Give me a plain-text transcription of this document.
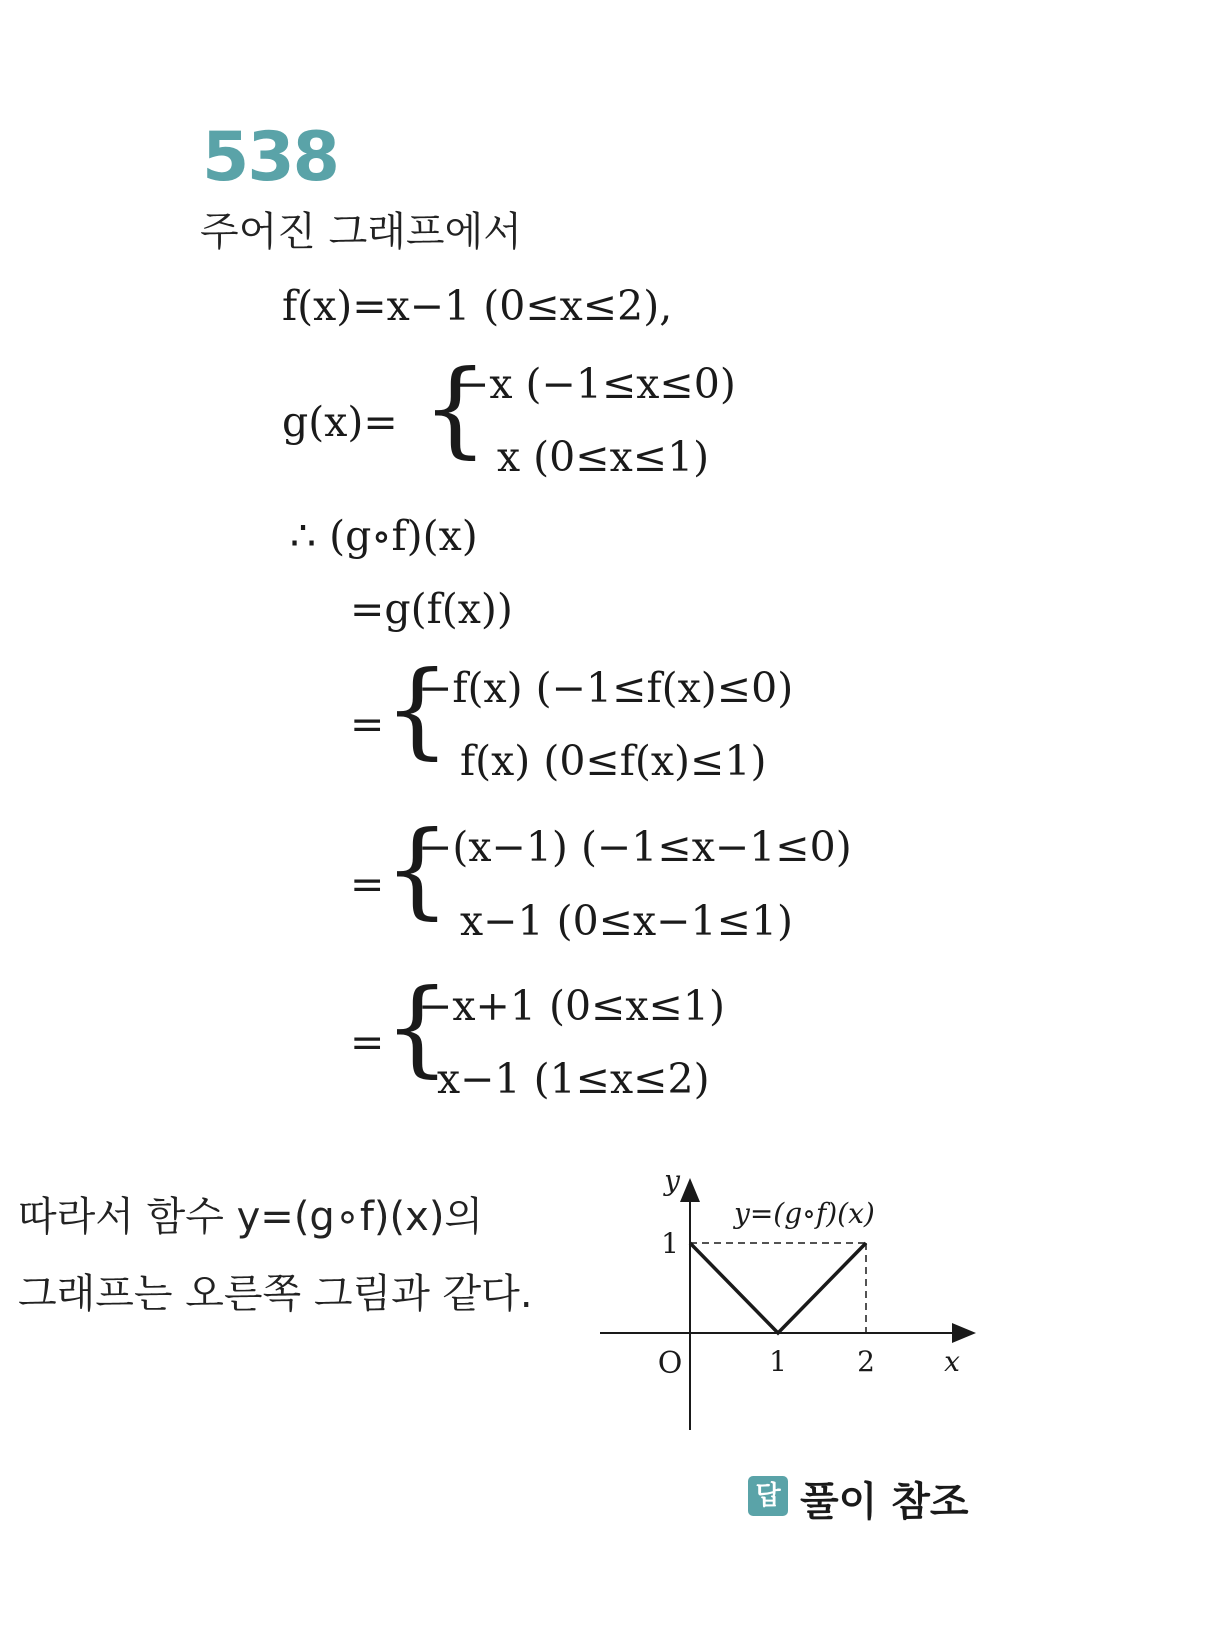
538
주어진 그래프에서
f(x)=x−1 (0≤x≤2),
g(x)= {
−x (−1≤x≤0)
x (0≤x≤1)
∴ (g∘f)(x)
=g(f(x))
= {
−f(x) (−1≤f(x)≤0)
f(x) (0≤f(x)≤1)
= {
−(x−1) (−1≤x−1≤0)
x−1 (0≤x−1≤1)
= {
−x+1 (0≤x≤1)
x−1 (1≤x≤2)
따라서 함수 y=(g∘f)(x)의
그래프는 오른쪽 그림과 같다.
y
x
O	1	2
1
y=(g∘f)(x)
답 풀이 참조
